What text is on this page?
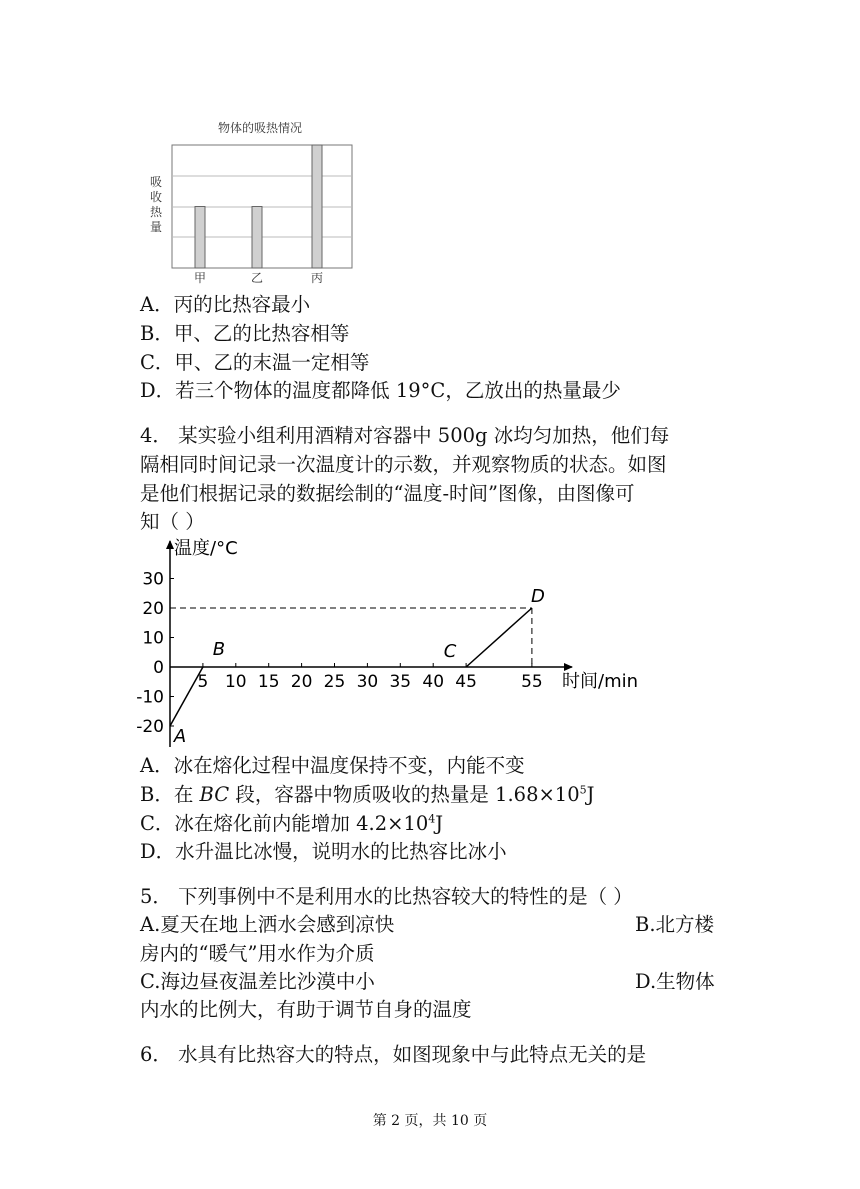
物体的吸热情况
吸
收
热
量
甲	乙	丙
A．丙的比热容最小
B．甲、乙的比热容相等
C．甲、乙的末温一定相等
D．若三个物体的温度都降低 19°C，乙放出的热量最少
4． 某实验小组利用酒精对容器中 500g 冰均匀加热，他们每
隔相同时间记录一次温度计的示数，并观察物质的状态。如图
是他们根据记录的数据绘制的“温度-时间”图像，由图像可
知（ ）
温度/°C
时间/min
5 10 15 20 25 30 35 40 45	55
30
20
10
-10
-20 A
B	C
D
0
A．冰在熔化过程中温度保持不变，内能不变
B．在 BC 段，容器中物质吸收的热量是 $1.68\times 10^5J$
C．冰在熔化前内能增加 $4.2\times 10^4J$
D．水升温比冰慢，说明水的比热容比冰小
5． 下列事例中不是利用水的比热容较大的特性的是（ ）
A.夏天在地上洒水会感到凉快	B.北方楼
房内的“暖气”用水作为介质
C.海边昼夜温差比沙漠中小	D.生物体
内水的比例大，有助于调节自身的温度
6． 水具有比热容大的特点，如图现象中与此特点无关的是
第 2 页，共 10 页
